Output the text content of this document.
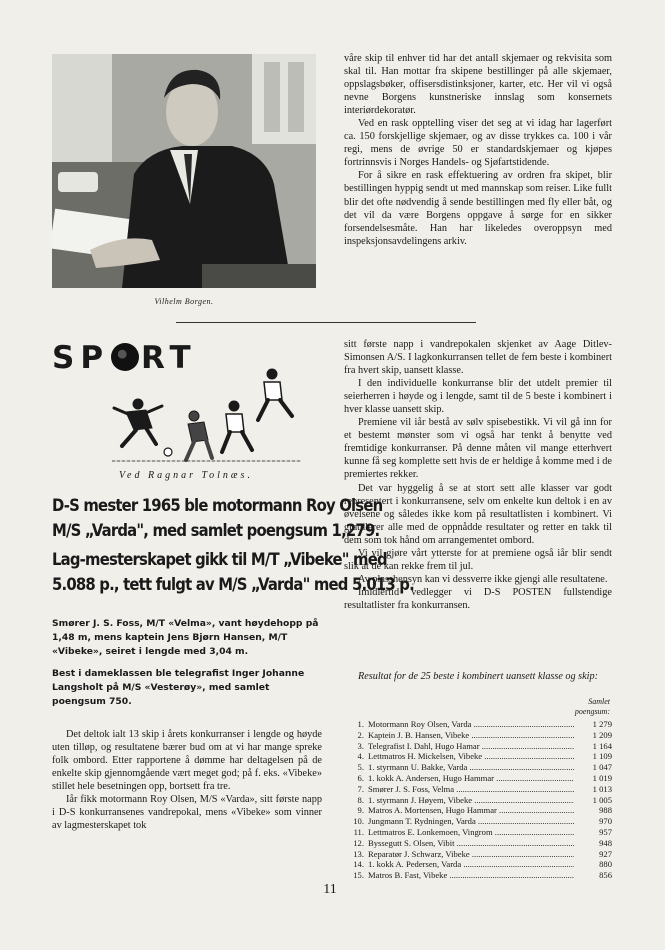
Vilhelm Borgen.

våre skip til enhver tid har det antall skjemaer og rekvisita som skal til. Han mottar fra skipene bestillinger på alle skjemaer, oppslagsbøker, offisersdistinksjoner, karter, etc. Her vil vi også nevne Borgens kunstneriske innslag som konsernets interiørdekoratør.

Ved en rask opptelling viser det seg at vi idag har lagerført ca. 150 forskjellige skjemaer, og av disse trykkes ca. 100 i vår regi, mens de øvrige 50 er standardskjemaer og kjøpes fortrinnsvis i Norges Handels- og Sjøfartstidende.

For å sikre en rask effektuering av ordren fra skipet, blir bestillingen hyppig sendt ut med mannskap som reiser. Like fullt blir det ofte nødvendig å sende bestillingen med fly eller båt, og det vil da være Borgens oppgave å sørge for en sikker forsendelsesmåte. Han har likeledes overoppsyn med inspeksjonsavdelingens arkiv.

SP RT
Ved Ragnar Tolnæs.
D-S mester 1965 ble motormann Roy Olsen
M/S „Varda", med samlet poengsum 1,279.
Lag-mesterskapet gikk til M/T „Vibeke" med
5.088 p., tett fulgt av M/S „Varda" med 5.013 p.

Smører J. S. Foss, M/T «Velma», vant høydehopp på 1,48 m, mens kaptein Jens Bjørn Hansen, M/T «Vibeke», seiret i lengde med 3,04 m.

Best i dameklassen ble telegrafist Inger Johanne Langsholt på M/S «Vesterøy», med samlet poengsum 750.

Det deltok ialt 13 skip i årets konkurranser i lengde og høyde uten tilløp, og resultatene bærer bud om at vi har mange spreke folk ombord. Etter rapportene å dømme har deltagelsen på de enkelte skip gjennomgående vært meget god; på f. eks. «Vibeke» stillet hele besetningen opp, bortsett fra tre.

Iår fikk motormann Roy Olsen, M/S «Varda», sitt første napp i D-S konkurransenes vandrepokal, mens «Vibeke» som vinner av lagmesterskapet tok

sitt første napp i vandrepokalen skjenket av Aage Ditlev-Simonsen A/S. I lagkonkurransen tellet de fem beste i kombinert fra hvert skip, uansett klasse.

I den individuelle konkurranse blir det utdelt premier til seierherren i høyde og i lengde, samt til de 5 beste i kombinert i hver klasse uansett skip.

Premiene vil iår bestå av sølv spisebestikk. Vi vil gå inn for et bestemt mønster som vi også har tenkt å benytte ved fremtidige konkurranser. På denne måten vil mange etterhvert kunne få seg komplette sett hvis de er heldige å komme med i de premiertes rekker.

Det var hyggelig å se at stort sett alle klasser var godt representert i konkurransene, selv om enkelte kun deltok i en av øvelsene og således ikke kom på resultatlisten i kombinert. Vi gratulerer alle med de oppnådde resultater og retter en takk til dem som tok hånd om arrangementet ombord.

Vi vil gjøre vårt ytterste for at premiene også iår blir sendt slik at de kan rekke frem til jul.

Av plasshensyn kan vi dessverre ikke gjengi alle resultatene.

Imidlertid vedlegger vi D-S POSTEN fullstendige resultatlister fra konkurransen.

Resultat for de 25 beste i kombinert uansett klasse og skip:
Samlet
poengsum:
1. Motormann Roy Olsen, Varda .....	1 279
2. Kaptein J. B. Hansen, Vibeke .....	1 209
3. Telegrafist I. Dahl, Hugo Hamar .....	1 164
4. Lettmatros H. Mickelsen, Vibeke .....	1 109
5. 1. styrmann U. Bakke, Varda .....	1 047
6. 1. kokk A. Andersen, Hugo Hammar .....	1 019
7. Smører J. S. Foss, Velma .....	1 013
8. 1. styrmann J. Høyem, Vibeke .....	1 005
9. Matros A. Mortensen, Hugo Hammar .....	988
10. Jungmann T. Rydningen, Varda .....	970
11. Lettmatros E. Lonkemoen, Vingrom .....	957
12. Byssegutt S. Olsen, Vibit .....	948
13. Reparatør J. Schwarz, Vibeke .....	927
14. 1. kokk A. Pedersen, Varda .....	880
15. Matros B. Fast, Vibeke .....	856
11
